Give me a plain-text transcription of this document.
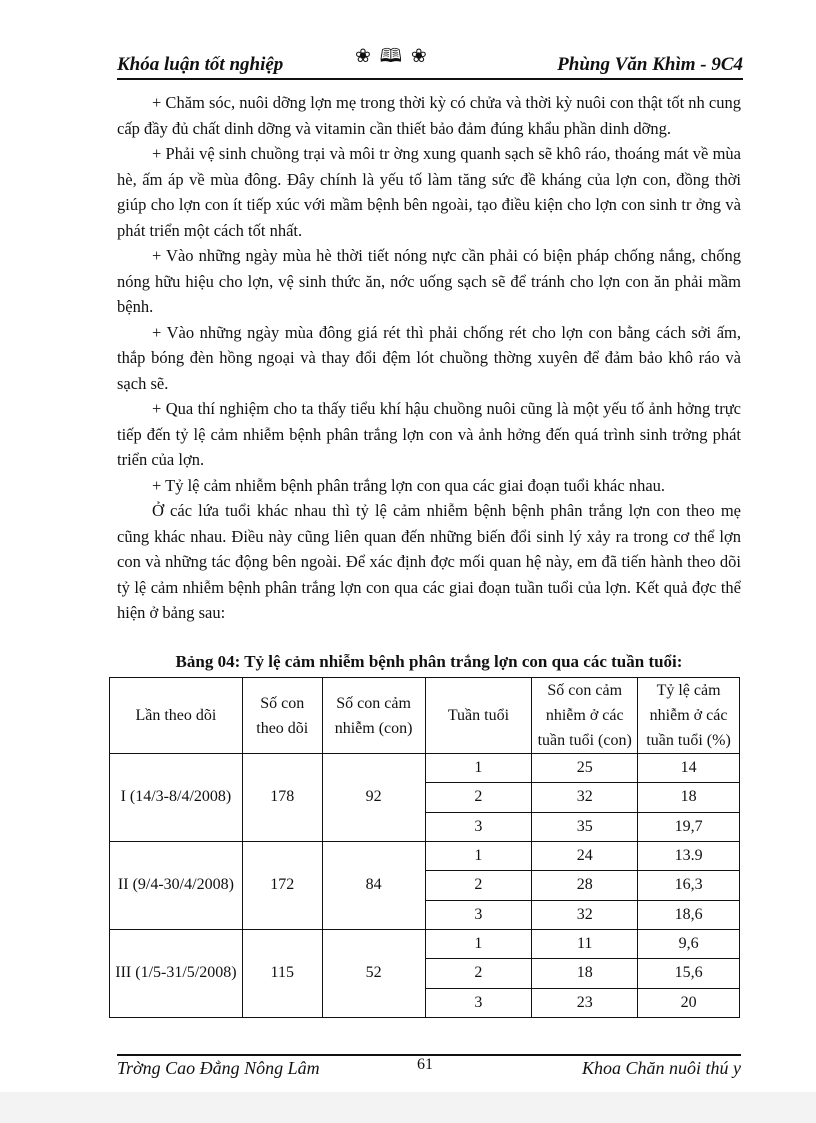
Khóa luận tốt nghiệp	❀ 🕮 ❀	Phùng Văn Khìm - 9C4

+ Chăm sóc, nuôi dỡng lợn mẹ trong thời kỳ có chửa và thời kỳ nuôi con thật tốt nh cung cấp đầy đủ chất dinh dỡng và vitamin cần thiết bảo đảm đúng khẩu phần dinh dỡng.

+ Phải vệ sinh chuồng trại và môi tr ờng xung quanh sạch sẽ khô ráo, thoáng mát về mùa hè, ấm áp về mùa đông. Đây chính là yếu tố làm tăng sức đề kháng của lợn con, đồng thời giúp cho lợn con ít tiếp xúc với mầm bệnh bên ngoài, tạo điều kiện cho lợn con sinh tr ởng và phát triển một cách tốt nhất.

+ Vào những ngày mùa hè thời tiết nóng nực cần phải có biện pháp chống nắng, chống nóng hữu hiệu cho lợn, vệ sinh thức ăn, nớc uống sạch sẽ để tránh cho lợn con ăn phải mầm bệnh.

+ Vào những ngày mùa đông giá rét thì phải chống rét cho lợn con bằng cách sởi ấm, thắp bóng đèn hồng ngoại và thay đổi đệm lót chuồng thờng xuyên để đảm bảo khô ráo và sạch sẽ.

+ Qua thí nghiệm cho ta thấy tiểu khí hậu chuồng nuôi cũng là một yếu tố ảnh hởng trực tiếp đến tỷ lệ cảm nhiễm bệnh phân trắng lợn con và ảnh hởng đến quá trình sinh trởng phát triển của lợn.

+ Tỷ lệ cảm nhiễm bệnh phân trắng lợn con qua các giai đoạn tuổi khác nhau.

Ở các lứa tuổi khác nhau thì tỷ lệ cảm nhiễm bệnh bệnh phân trắng lợn con theo mẹ cũng khác nhau. Điều này cũng liên quan đến những biến đổi sinh lý xảy ra trong cơ thể lợn con và những tác động bên ngoài. Để xác định đợc mối quan hệ này, em đã tiến hành theo dõi tỷ lệ cảm nhiễm bệnh phân trắng lợn con qua các giai đoạn tuần tuổi của lợn. Kết quả đợc thể hiện ở bảng sau:

Bảng 04: Tỷ lệ cảm nhiễm bệnh phân trắng lợn con qua các tuần tuổi:
Lần theo dõi	Số con theo dõi	Số con cảm nhiễm (con)	Tuần tuổi	Số con cảm nhiễm ở các tuần tuổi (con)	Tỷ lệ cảm nhiễm ở các tuần tuổi (%)
I (14/3-8/4/2008)	178	92	1	25	14
			2	32	18
			3	35	19,7
II (9/4-30/4/2008)	172	84	1	24	13.9
			2	28	16,3
			3	32	18,6
III (1/5-31/5/2008)	115	52	1	11	9,6
			2	18	15,6
			3	23	20
Trờng Cao Đẳng Nông Lâm	61	Khoa Chăn nuôi thú y
